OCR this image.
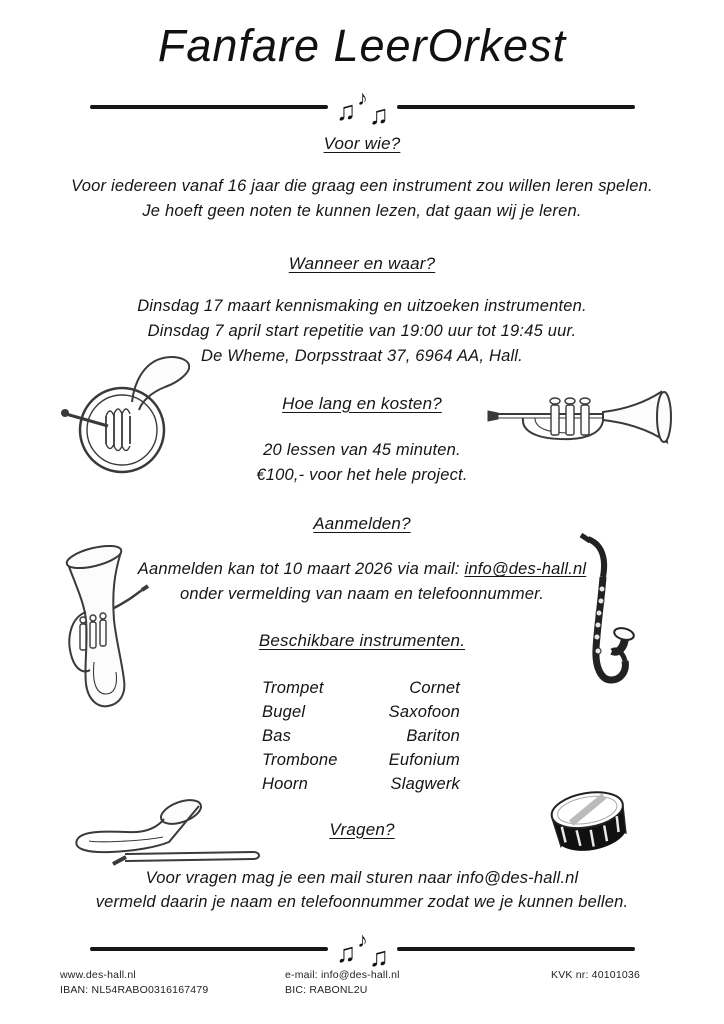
Fanfare LeerOrkest
♫ ♪
♫
Voor wie?
Voor iedereen vanaf 16 jaar die graag een instrument zou willen leren spelen.
Je hoeft geen noten te kunnen lezen, dat gaan wij je leren.
Wanneer en waar?
Dinsdag 17 maart kennismaking en uitzoeken instrumenten.
Dinsdag 7 april start repetitie van 19:00 uur tot 19:45 uur.
De Wheme, Dorpsstraat 37, 6964 AA, Hall.
Hoe lang en kosten?
20 lessen van 45 minuten.
€100,- voor het hele project.
Aanmelden?
Aanmelden kan tot 10 maart 2026 via mail: info@des-hall.nl
onder vermelding van naam en telefoonnummer.
Beschikbare instrumenten.
Trompet
Bugel
Bas
Trombone
Hoorn
Cornet
Saxofoon
Bariton
Eufonium
Slagwerk
Vragen?
Voor vragen mag je een mail sturen naar info@des-hall.nl
vermeld daarin je naam en telefoonnummer zodat we je kunnen bellen.
♫ ♪
♫
www.des-hall.nl
IBAN: NL54RABO0316167479
e-mail: info@des-hall.nl
BIC: RABONL2U
KVK nr: 40101036
